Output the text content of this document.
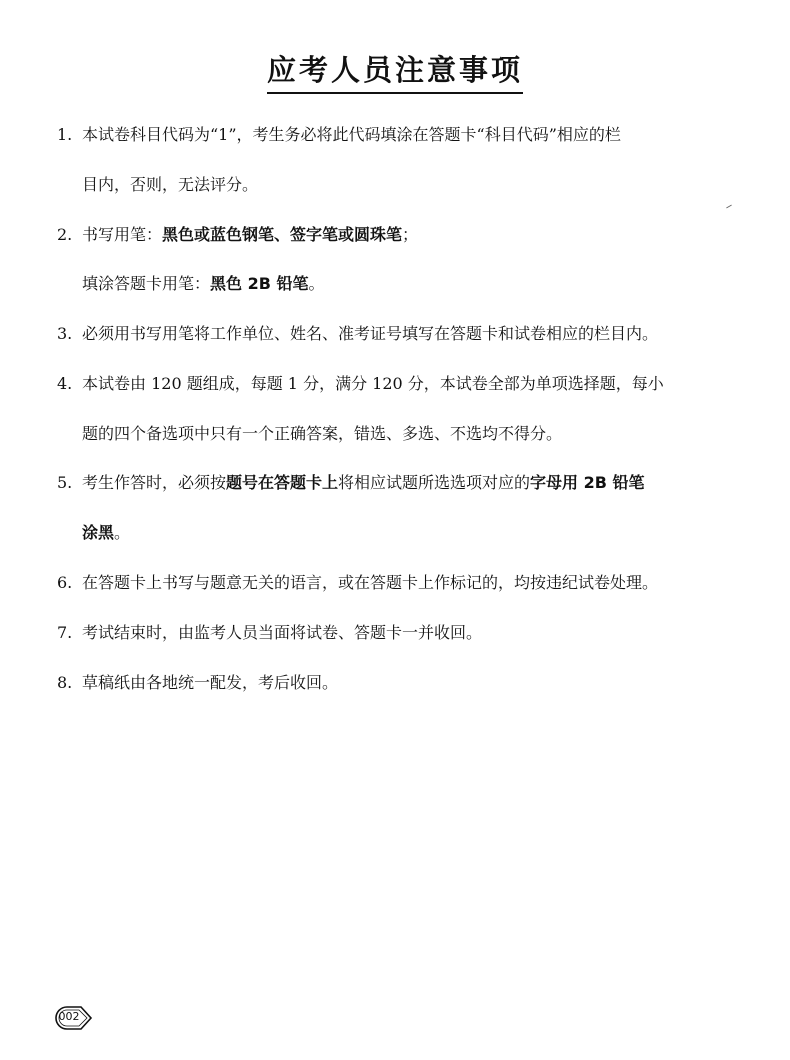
应考人员注意事项
1. 本试卷科目代码为“1”，考生务必将此代码填涂在答题卡“科目代码”相应的栏
目内，否则，无法评分。
2. 书写用笔：黑色或蓝色钢笔、签字笔或圆珠笔；
填涂答题卡用笔：黑色 2B 铅笔。
3. 必须用书写用笔将工作单位、姓名、准考证号填写在答题卡和试卷相应的栏目内。
4. 本试卷由 120 题组成，每题 1 分，满分 120 分，本试卷全部为单项选择题，每小
题的四个备选项中只有一个正确答案，错选、多选、不选均不得分。
5. 考生作答时，必须按题号在答题卡上将相应试题所选选项对应的字母用 2B 铅笔
涂黑。
6. 在答题卡上书写与题意无关的语言，或在答题卡上作标记的，均按违纪试卷处理。
7. 考试结束时，由监考人员当面将试卷、答题卡一并收回。
8. 草稿纸由各地统一配发，考后收回。
002
